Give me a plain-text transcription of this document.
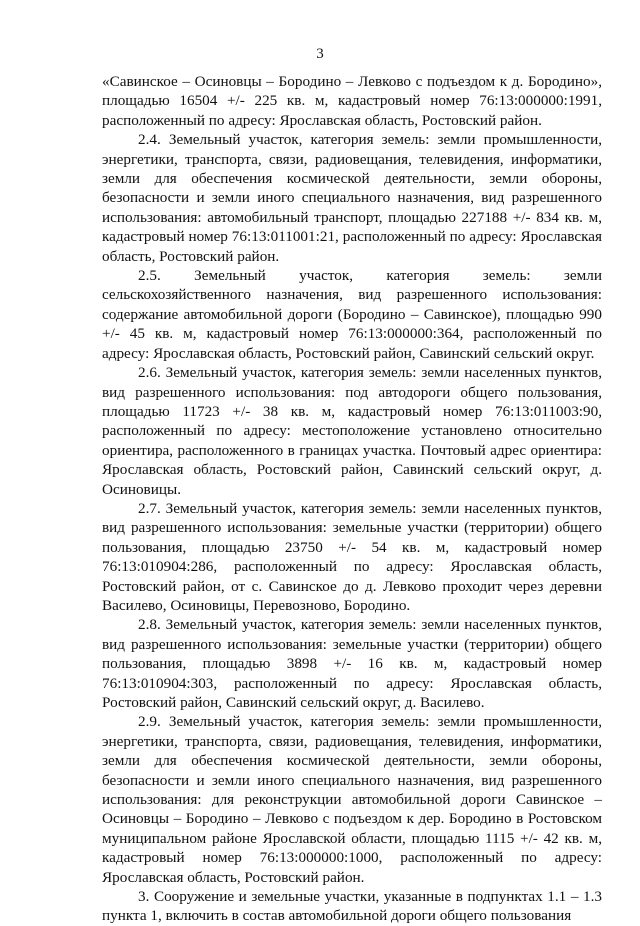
3

«Савинское – Осиновцы – Бородино – Левково с подъездом к д. Бородино», площадью 16504 +/- 225 кв. м, кадастровый номер 76:13:000000:1991, расположенный по адресу: Ярославская область, Ростовский район.

2.4. Земельный участок, категория земель: земли промышленности, энергетики, транспорта, связи, радиовещания, телевидения, информатики, земли для обеспечения космической деятельности, земли обороны, безопасности и земли иного специального назначения, вид разрешенного использования: автомобильный транспорт, площадью 227188 +/- 834 кв. м, кадастровый номер 76:13:011001:21, расположенный по адресу: Ярославская область, Ростовский район.

2.5. Земельный участок, категория земель: земли сельскохозяйственного назначения, вид разрешенного использования: содержание автомобильной дороги (Бородино – Савинское), площадью 990 +/- 45 кв. м, кадастровый номер 76:13:000000:364, расположенный по адресу: Ярославская область, Ростовский район, Савинский сельский округ.

2.6. Земельный участок, категория земель: земли населенных пунктов, вид разрешенного использования: под автодороги общего пользования, площадью 11723 +/- 38 кв. м, кадастровый номер 76:13:011003:90, расположенный по адресу: местоположение установлено относительно ориентира, расположенного в границах участка. Почтовый адрес ориентира: Ярославская область, Ростовский район, Савинский сельский округ, д. Осиновицы.

2.7. Земельный участок, категория земель: земли населенных пунктов, вид разрешенного использования: земельные участки (территории) общего пользования, площадью 23750 +/- 54 кв. м, кадастровый номер 76:13:010904:286, расположенный по адресу: Ярославская область, Ростовский район, от с. Савинское до д. Левково проходит через деревни Василево, Осиновицы, Перевозново, Бородино.

2.8. Земельный участок, категория земель: земли населенных пунктов, вид разрешенного использования: земельные участки (территории) общего пользования, площадью 3898 +/- 16 кв. м, кадастровый номер 76:13:010904:303, расположенный по адресу: Ярославская область, Ростовский район, Савинский сельский округ, д. Василево.

2.9. Земельный участок, категория земель: земли промышленности, энергетики, транспорта, связи, радиовещания, телевидения, информатики, земли для обеспечения космической деятельности, земли обороны, безопасности и земли иного специального назначения, вид разрешенного использования: для реконструкции автомобильной дороги Савинское – Осиновцы – Бородино – Левково с подъездом к дер. Бородино в Ростовском муниципальном районе Ярославской области, площадью 1115 +/- 42 кв. м, кадастровый номер 76:13:000000:1000, расположенный по адресу: Ярославская область, Ростовский район.

3. Сооружение и земельные участки, указанные в подпунктах 1.1 – 1.3 пункта 1, включить в состав автомобильной дороги общего пользования
